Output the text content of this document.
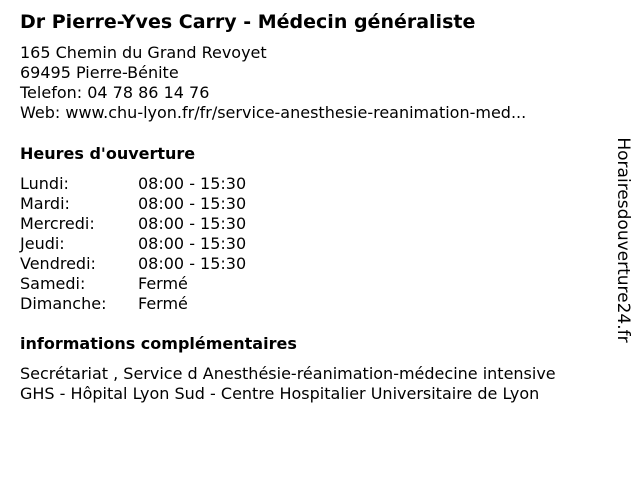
Dr Pierre-Yves Carry - Médecin généraliste
165 Chemin du Grand Revoyet
69495 Pierre-Bénite
Telefon: 04 78 86 14 76
Web: www.chu-lyon.fr/fr/service-anesthesie-reanimation-med...
Heures d'ouverture
Lundi:	08:00 - 15:30
Mardi:	08:00 - 15:30
Mercredi:	08:00 - 15:30
Jeudi:	08:00 - 15:30
Vendredi:	08:00 - 15:30
Samedi:	Fermé
Dimanche:	Fermé
informations complémentaires
Secrétariat , Service d Anesthésie-réanimation-médecine intensive
GHS - Hôpital Lyon Sud - Centre Hospitalier Universitaire de Lyon
Horairesdouverture24.fr
